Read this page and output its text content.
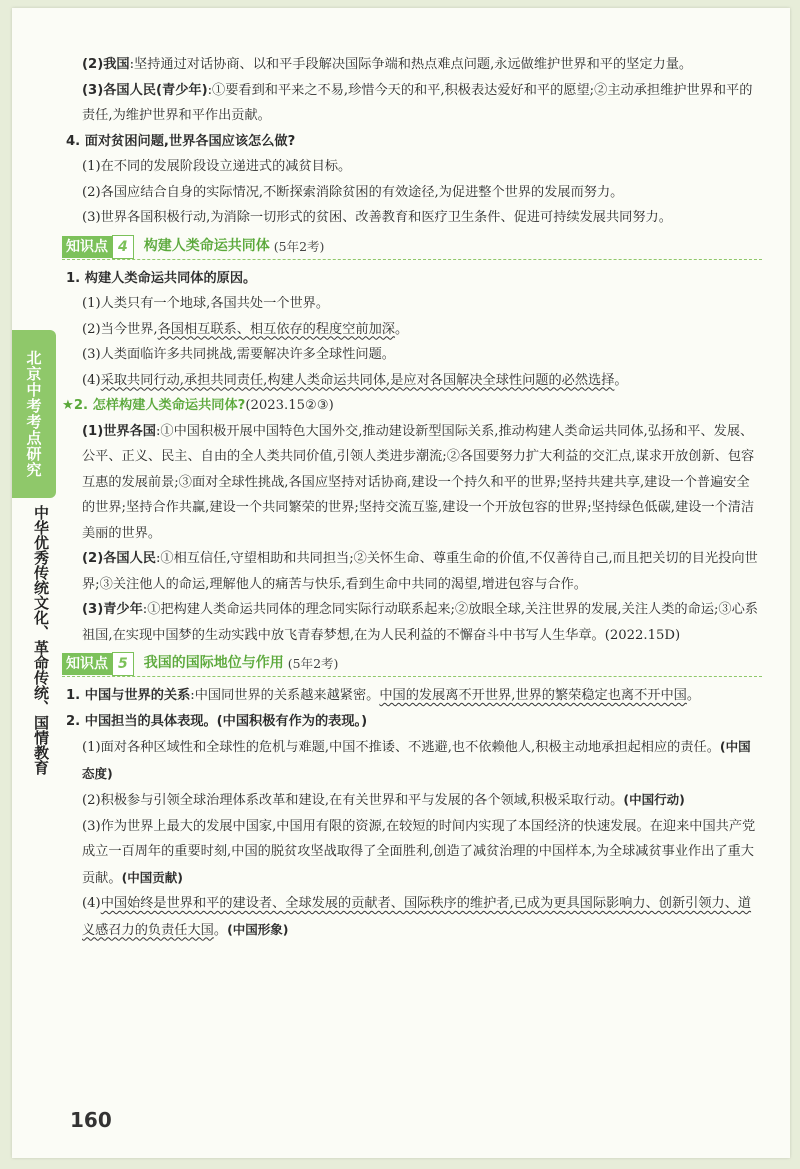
北京中考考点研究
中华优秀传统文化、革命传统、国情教育

(2)我国:坚持通过对话协商、以和平手段解决国际争端和热点难点问题,永远做维护世界和平的坚定力量。

(3)各国人民(青少年):①要看到和平来之不易,珍惜今天的和平,积极表达爱好和平的愿望;②主动承担维护世界和平的责任,为维护世界和平作出贡献。

4. 面对贫困问题,世界各国应该怎么做?

(1)在不同的发展阶段设立递进式的减贫目标。

(2)各国应结合自身的实际情况,不断探索消除贫困的有效途径,为促进整个世界的发展而努力。

(3)世界各国积极行动,为消除一切形式的贫困、改善教育和医疗卫生条件、促进可持续发展共同努力。

知识点 4	构建人类命运共同体 (5年2考)

1. 构建人类命运共同体的原因。

(1)人类只有一个地球,各国共处一个世界。

(2)当今世界,各国相互联系、相互依存的程度空前加深。

(3)人类面临许多共同挑战,需要解决许多全球性问题。

(4)采取共同行动,承担共同责任,构建人类命运共同体,是应对各国解决全球性问题的必然选择。

★2. 怎样构建人类命运共同体?(2023.15②③)

(1)世界各国:①中国积极开展中国特色大国外交,推动建设新型国际关系,推动构建人类命运共同体,弘扬和平、发展、公平、正义、民主、自由的全人类共同价值,引领人类进步潮流;②各国要努力扩大利益的交汇点,谋求开放创新、包容互惠的发展前景;③面对全球性挑战,各国应坚持对话协商,建设一个持久和平的世界;坚持共建共享,建设一个普遍安全的世界;坚持合作共赢,建设一个共同繁荣的世界;坚持交流互鉴,建设一个开放包容的世界;坚持绿色低碳,建设一个清洁美丽的世界。

(2)各国人民:①相互信任,守望相助和共同担当;②关怀生命、尊重生命的价值,不仅善待自己,而且把关切的目光投向世界;③关注他人的命运,理解他人的痛苦与快乐,看到生命中共同的渴望,增进包容与合作。

(3)青少年:①把构建人类命运共同体的理念同实际行动联系起来;②放眼全球,关注世界的发展,关注人类的命运;③心系祖国,在实现中国梦的生动实践中放飞青春梦想,在为人民利益的不懈奋斗中书写人生华章。(2022.15D)

知识点 5	我国的国际地位与作用 (5年2考)

1. 中国与世界的关系:中国同世界的关系越来越紧密。中国的发展离不开世界,世界的繁荣稳定也离不开中国。

2. 中国担当的具体表现。(中国积极有作为的表现。)

(1)面对各种区域性和全球性的危机与难题,中国不推诿、不逃避,也不依赖他人,积极主动地承担起相应的责任。(中国态度)

(2)积极参与引领全球治理体系改革和建设,在有关世界和平与发展的各个领域,积极采取行动。(中国行动)

(3)作为世界上最大的发展中国家,中国用有限的资源,在较短的时间内实现了本国经济的快速发展。在迎来中国共产党成立一百周年的重要时刻,中国的脱贫攻坚战取得了全面胜利,创造了减贫治理的中国样本,为全球减贫事业作出了重大贡献。(中国贡献)

(4)中国始终是世界和平的建设者、全球发展的贡献者、国际秩序的维护者,已成为更具国际影响力、创新引领力、道义感召力的负责任大国。(中国形象)

160
